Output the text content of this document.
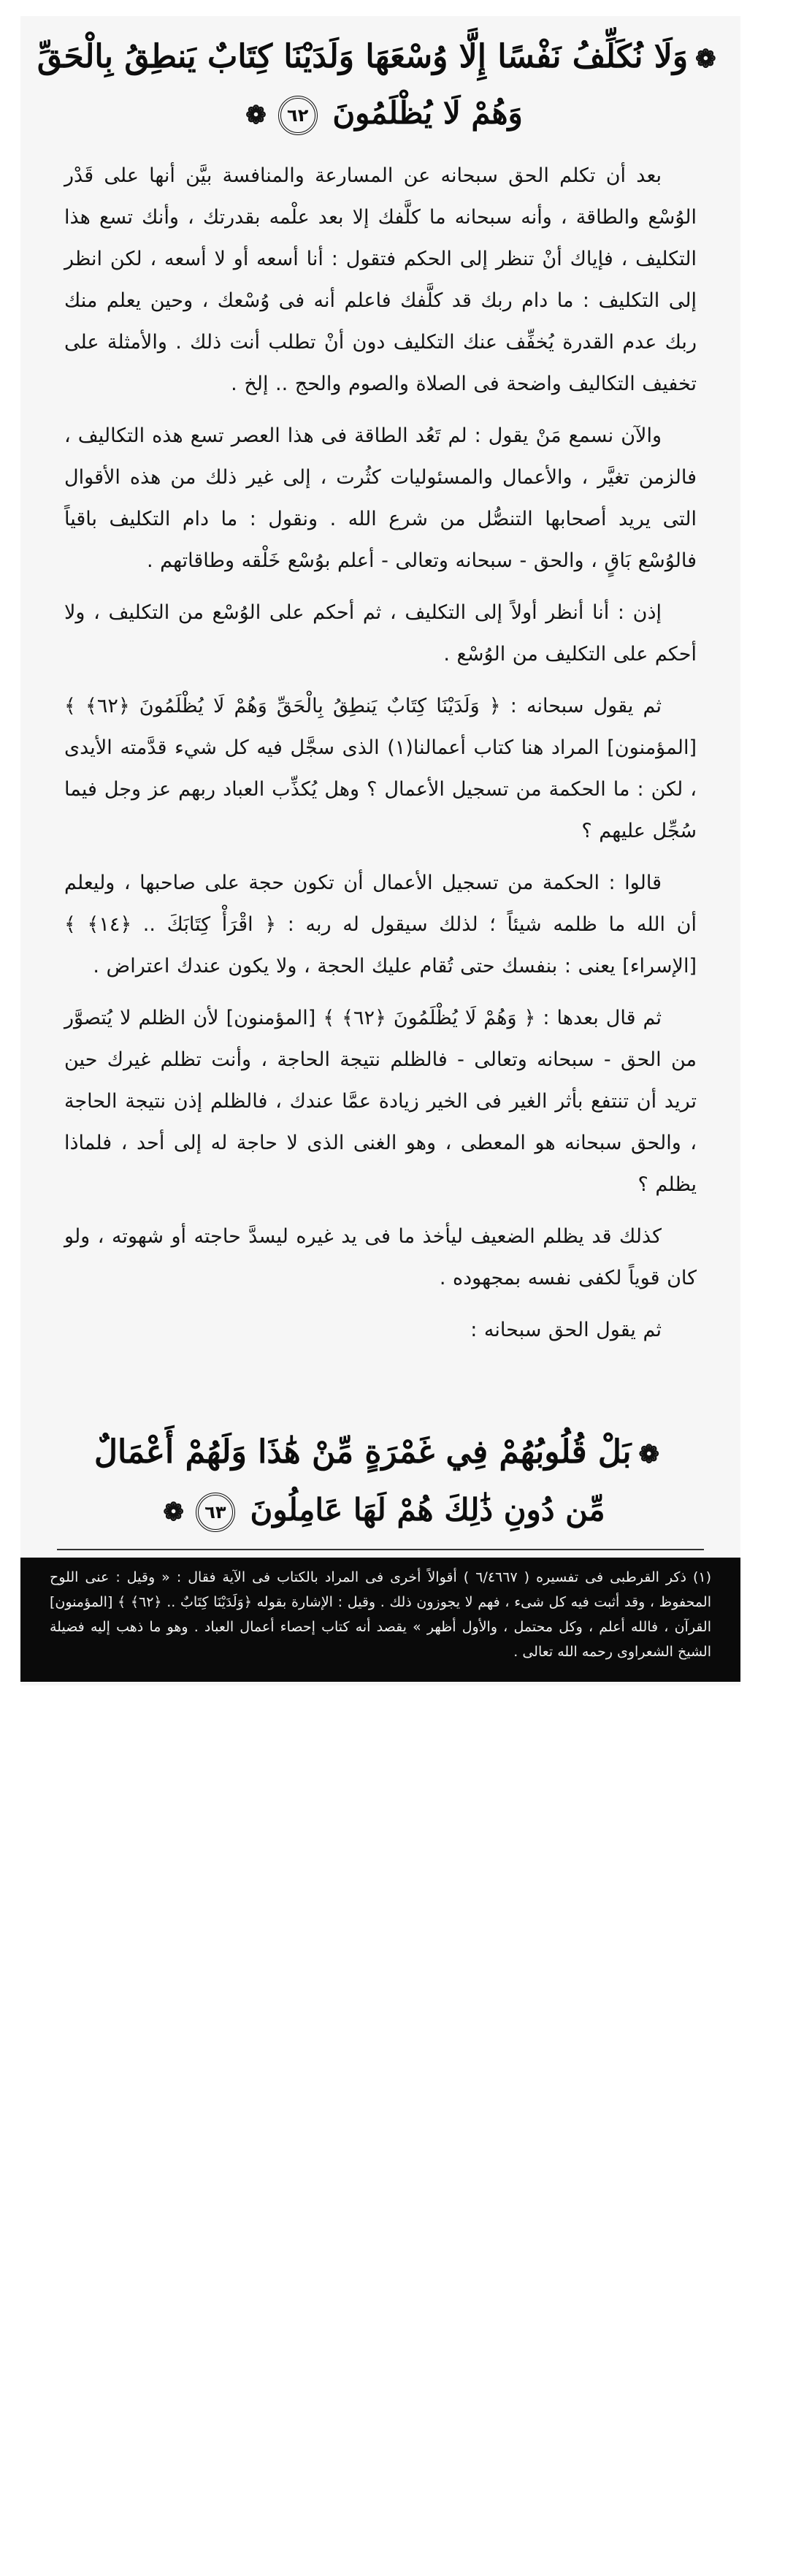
❁وَلَا نُكَلِّفُ نَفْسًا إِلَّا وُسْعَهَا وَلَدَيْنَا كِتَابٌ يَنطِقُ بِالْحَقِّ
وَهُمْ لَا يُظْلَمُونَ ٦٢❁

بعد أن تكلم الحق سبحانه عن المسارعة والمنافسة بيَّن أنها على قَدْر الوُسْع والطاقة ، وأنه سبحانه ما كلَّفك إلا بعد علْمه بقدرتك ، وأنك تسع هذا التكليف ، فإياك أنْ تنظر إلى الحكم فتقول : أنا أسعه أو لا أسعه ، لكن انظر إلى التكليف : ما دام ربك قد كلَّفك فاعلم أنه فى وُسْعك ، وحين يعلم منك ربك عدم القدرة يُخفِّف عنك التكليف دون أنْ تطلب أنت ذلك . والأمثلة على تخفيف التكاليف واضحة فى الصلاة والصوم والحج .. إلخ .

والآن نسمع مَنْ يقول : لم تَعُد الطاقة فى هذا العصر تسع هذه التكاليف ، فالزمن تغيَّر ، والأعمال والمسئوليات كثُرت ، إلى غير ذلك من هذه الأقوال التى يريد أصحابها التنصُّل من شرع الله . ونقول : ما دام التكليف باقياً فالوُسْع بَاقٍ ، والحق - سبحانه وتعالى - أعلم بوُسْع خَلْقه وطاقاتهم .

إذن : أنا أنظر أولاً إلى التكليف ، ثم أحكم على الوُسْع من التكليف ، ولا أحكم على التكليف من الوُسْع .

ثم يقول سبحانه : ﴿ وَلَدَيْنَا كِتَابٌ يَنطِقُ بِالْحَقِّ وَهُمْ لَا يُظْلَمُونَ ﴿٦٢﴾ ﴾ [المؤمنون] المراد هنا كتاب أعمالنا(١) الذى سجَّل فيه كل شيء قدَّمته الأيدى ، لكن : ما الحكمة من تسجيل الأعمال ؟ وهل يُكذِّب العباد ربهم عز وجل فيما سُجِّل عليهم ؟

قالوا : الحكمة من تسجيل الأعمال أن تكون حجة على صاحبها ، وليعلم أن الله ما ظلمه شيئاً ؛ لذلك سيقول له ربه : ﴿ اقْرَأْ كِتَابَكَ .. ﴿١٤﴾ ﴾ [الإسراء] يعنى : بنفسك حتى تُقام عليك الحجة ، ولا يكون عندك اعتراض .

ثم قال بعدها : ﴿ وَهُمْ لَا يُظْلَمُونَ ﴿٦٢﴾ ﴾ [المؤمنون] لأن الظلم لا يُتصوَّر من الحق - سبحانه وتعالى - فالظلم نتيجة الحاجة ، وأنت تظلم غيرك حين تريد أن تنتفع بأثر الغير فى الخير زيادة عمَّا عندك ، فالظلم إذن نتيجة الحاجة ، والحق سبحانه هو المعطى ، وهو الغنى الذى لا حاجة له إلى أحد ، فلماذا يظلم ؟

كذلك قد يظلم الضعيف ليأخذ ما فى يد غيره ليسدَّ حاجته أو شهوته ، ولو كان قوياً لكفى نفسه بمجهوده .

ثم يقول الحق سبحانه :

❁بَلْ قُلُوبُهُمْ فِي غَمْرَةٍ مِّنْ هَٰذَا وَلَهُمْ أَعْمَالٌ
مِّن دُونِ ذَٰلِكَ هُمْ لَهَا عَامِلُونَ ٦٣❁
(١) ذكر القرطبى فى تفسيره ( ٦/٤٦٦٧ ) أقوالاً أخرى فى المراد بالكتاب فى الآية فقال : « وقيل : عنى اللوح المحفوظ ، وقد أثبت فيه كل شىء ، فهم لا يجوزون ذلك . وقيل : الإشارة بقوله ﴿وَلَدَيْنَا كِتَابٌ .. ﴿٦٢﴾ ﴾ [المؤمنون] القرآن ، فالله أعلم ، وكل محتمل ، والأول أظهر » يقصد أنه كتاب إحصاء أعمال العباد . وهو ما ذهب إليه فضيلة الشيخ الشعراوى رحمه الله تعالى .
